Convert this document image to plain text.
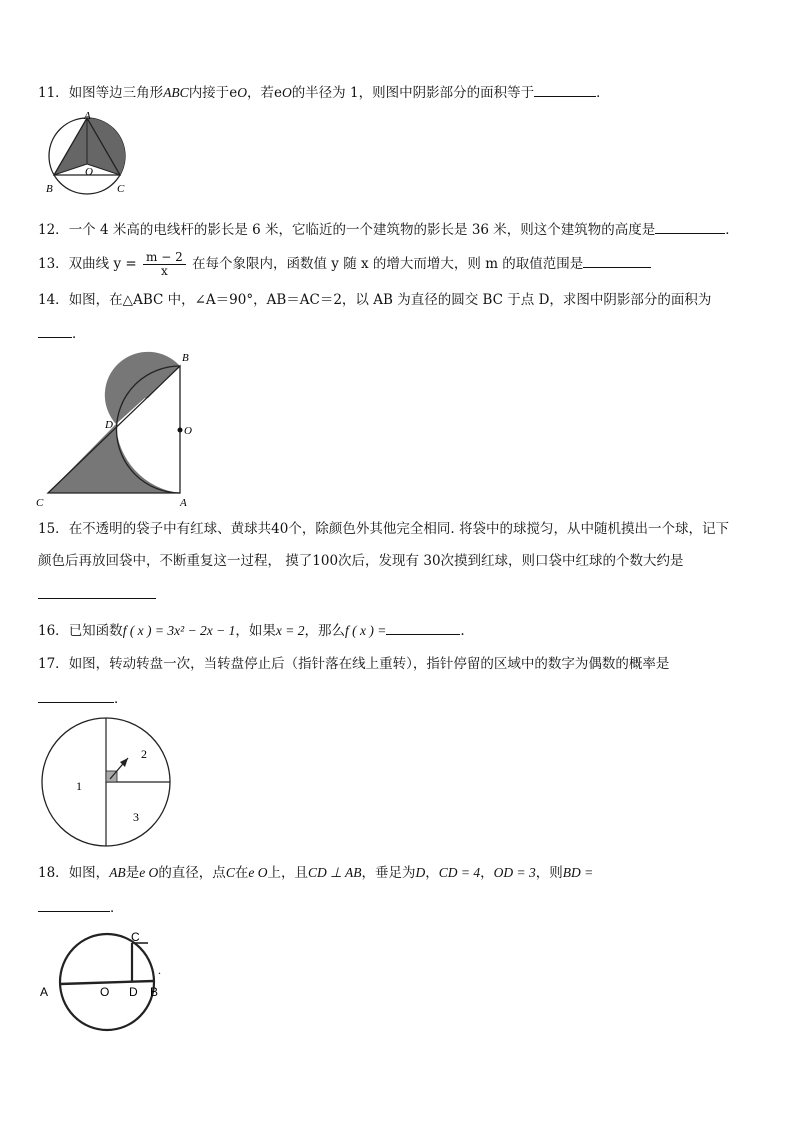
11．如图等边三角形ABC内接于eO，若eO的半径为 1，则图中阴影部分的面积等于	．
A
B	C
O
12．一个 4 米高的电线杆的影长是 6 米，它临近的一个建筑物的影长是 36 米，则这个建筑物的高度是	．
13．双曲线 $y = \frac{m - 2}{x}$ 在每个象限内，函数值 y 随 x 的增大而增大，则 m 的取值范围是
14．如图，在△ABC 中，∠A＝90°，AB＝AC＝2，以 AB 为直径的圆交 BC 于点 D，求图中阴影部分的面积为
．
B
O
D
C	A
15．在不透明的袋子中有红球、黄球共40个，除颜色外其他完全相同. 将袋中的球搅匀，从中随机摸出一个球，记下
颜色后再放回袋中，不断重复这一过程， 摸了100次后，发现有 30次摸到红球，则口袋中红球的个数大约是
16．已知函数f ( x ) = 3x² − 2x − 1，如果x = 2，那么f ( x ) =	.
17．如图，转动转盘一次，当转盘停止后（指针落在线上重转），指针停留的区域中的数字为偶数的概率是
．
1
2
3
18．如图，AB是e O的直径，点C在e O上，且CD ⊥ AB，垂足为D，CD = 4，OD = 3，则BD =
．
C
.
A	O D B
